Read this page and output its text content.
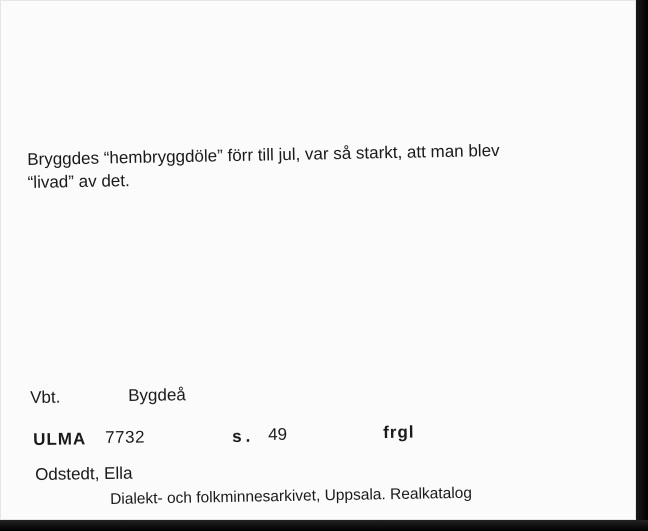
Bryggdes “hembryggdöle” förr till jul, var så starkt, att man blev
“livad” av det.
Vbt.	Bygdeå
ULMA 7732	s. 49	frgl
Odstedt, Ella
Dialekt- och folkminnesarkivet, Uppsala. Realkatalog
